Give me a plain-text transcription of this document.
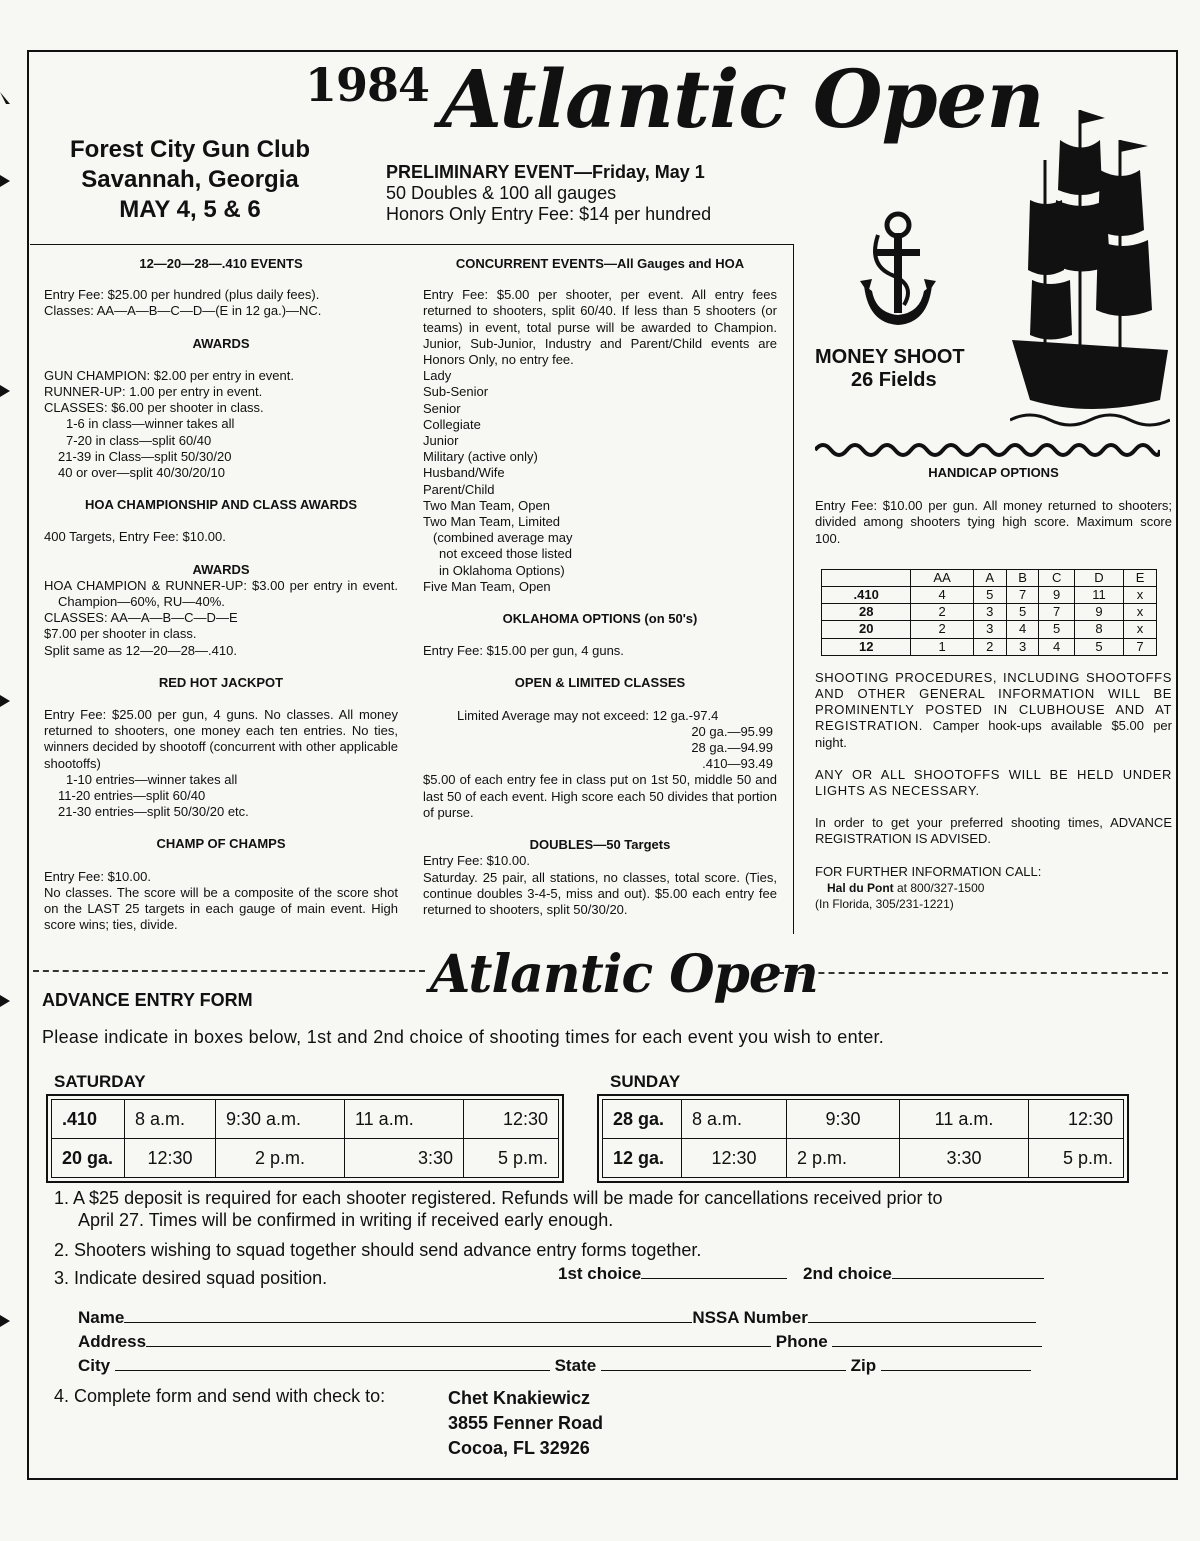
1984 Atlantic Open
Forest City Gun Club
Savannah, Georgia
MAY 4, 5 & 6
PRELIMINARY EVENT—Friday, May 1
50 Doubles & 100 all gauges
Honors Only Entry Fee: $14 per hundred

12—20—28—.410 EVENTS

Entry Fee: $25.00 per hundred (plus daily fees).

Classes: AA—A—B—C—D—(E in 12 ga.)—NC.

AWARDS

GUN CHAMPION: $2.00 per entry in event.

RUNNER-UP: 1.00 per entry in event.

CLASSES: $6.00 per shooter in class.

1-6 in class—winner takes all

7-20 in class—split 60/40

21-39 in Class—split 50/30/20

40 or over—split 40/30/20/10

HOA CHAMPIONSHIP AND CLASS AWARDS

400 Targets, Entry Fee: $10.00.

AWARDS

HOA CHAMPION & RUNNER-UP: $3.00 per entry in event. Champion—60%, RU—40%.

CLASSES: AA—A—B—C—D—E

$7.00 per shooter in class.

Split same as 12—20—28—.410.

RED HOT JACKPOT

Entry Fee: $25.00 per gun, 4 guns. No classes. All money returned to shooters, one money each ten entries. No ties, winners decided by shootoff (concurrent with other applicable shootoffs)

1-10 entries—winner takes all

11-20 entries—split 60/40

21-30 entries—split 50/30/20 etc.

CHAMP OF CHAMPS

Entry Fee: $10.00.

No classes. The score will be a composite of the score shot on the LAST 25 targets in each gauge of main event. High score wins; ties, divide.

CONCURRENT EVENTS—All Gauges and HOA

Entry Fee: $5.00 per shooter, per event. All entry fees returned to shooters, split 60/40. If less than 5 shooters (or teams) in event, total purse will be awarded to Champion. Junior, Sub-Junior, Industry and Parent/Child events are Honors Only, no entry fee.

Lady

Sub-Senior

Senior

Collegiate

Junior

Military (active only)

Husband/Wife

Parent/Child

Two Man Team, Open

Two Man Team, Limited

(combined average may

not exceed those listed

in Oklahoma Options)

Five Man Team, Open

OKLAHOMA OPTIONS (on 50's)

Entry Fee: $15.00 per gun, 4 guns.

OPEN & LIMITED CLASSES

Limited Average may not exceed: 12 ga.-97.4

20 ga.—95.99

28 ga.—94.99

.410—93.49

$5.00 of each entry fee in class put on 1st 50, middle 50 and last 50 of each event. High score each 50 divides that portion of purse.

DOUBLES—50 Targets

Entry Fee: $10.00.

Saturday. 25 pair, all stations, no classes, total score. (Ties, continue doubles 3-4-5, miss and out). $5.00 each entry fee returned to shooters, split 50/30/20.

MONEY SHOOT
26 Fields

HANDICAP OPTIONS

Entry Fee: $10.00 per gun. All money returned to shooters; divided among shooters tying high score. Maximum score 100.

	AA	A	B	C	D	E
.410	4	5	7	9	11	x
28	2	3	5	7	9	x
20	2	3	4	5	8	x
12	1	2	3	4	5	7

SHOOTING PROCEDURES, INCLUDING SHOOTOFFS AND OTHER GENERAL INFORMATION WILL BE PROMINENTLY POSTED IN CLUBHOUSE AND AT REGISTRATION. Camper hook-ups available $5.00 per night.

ANY OR ALL SHOOTOFFS WILL BE HELD UNDER LIGHTS AS NECESSARY.

In order to get your preferred shooting times, ADVANCE REGISTRATION IS ADVISED.

FOR FURTHER INFORMATION CALL:

Hal du Pont at 800/327-1500

(In Florida, 305/231-1221)

Atlantic Open
ADVANCE ENTRY FORM
Please indicate in boxes below, 1st and 2nd choice of shooting times for each event you wish to enter.
SATURDAY	SUNDAY
.410	8 a.m.	9:30 a.m.	11 a.m.	12:30
20 ga.	12:30	2 p.m.	3:30	5 p.m.
28 ga.	8 a.m.	9:30	11 a.m.	12:30
12 ga.	12:30	2 p.m.	3:30	5 p.m.
1. A $25 deposit is required for each shooter registered. Refunds will be made for cancellations received prior to
April 27. Times will be confirmed in writing if received early enough.
2. Shooters wishing to squad together should send advance entry forms together.
3. Indicate desired squad position.	1st choice	2nd choice
Name	NSSA Number
Address	Phone
City	State	Zip
4. Complete form and send with check to:	Chet Knakiewicz
3855 Fenner Road
Cocoa, FL 32926
